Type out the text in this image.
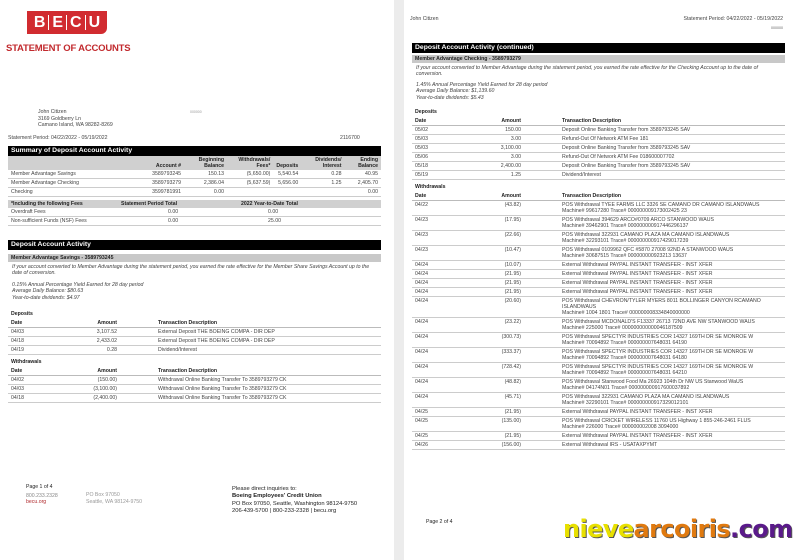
B E C U
STATEMENT OF ACCOUNTS
John Citizen
3169 Goldberry Ln
Camano Island, WA 98282-8269
000000
Statement Period: 04/22/2022 - 05/19/2022	2116700
Summary of Deposit Account Activity
	Account #	Beginning Balance	Withdrawals/ Fees*	Deposits	Dividends/ Interest	Ending Balance
Member Advantage Savings	3589793245	150.13	(5,650.00)	5,540.54	0.28	40.95
Member Advantage Checking	3589793279	2,386.04	(5,637.59)	5,656.00	1.25	2,405.70
Checking	3599781991	0.00				0.00
*Including the following Fees	Statement Period Total	2022 Year-to-Date Total
Overdraft Fees	0.00	0.00
Non-sufficient Funds (NSF) Fees	0.00	25.00
Deposit Account Activity
Member Advantage Savings - 3589793245
If your account converted to Member Advantage during the statement period, you earned the rate effective for the Member Share Savings Account up to the date of conversion.
0.15% Annual Percentage Yield Earned for 28 day period
Average Daily Balance: $80.63
Year-to-date dividends: $4.97
Deposits
Date	Amount	Transaction Description
04/03	3,107.52	External Deposit THE BOEING COMPA - DIR DEP
04/18	2,433.02	External Deposit THE BOEING COMPA - DIR DEP
04/19	0.28	Dividend/Interest
Withdrawals
Date	Amount	Transaction Description
04/02	(150.00)	Withdrawal Online Banking Transfer To 3589793279 CK
04/03	(3,100.00)	Withdrawal Online Banking Transfer To 3589793279 CK
04/18	(2,400.00)	Withdrawal Online Banking Transfer To 3589793279 CK
Page 1 of 4
800.233.2328
becu.org
PO Box 97050
Seattle, WA 98124-9750
Please direct inquiries to:
Boeing Employees' Credit Union
PO Box 97050, Seattle, Washington 98124-9750
206-439-5700 | 800-233-2328 | becu.org
John Citizen	Statement Period: 04/22/2022 - 05/19/2022
000000
Deposit Account Activity (continued)
Member Advantage Checking - 3589793279
If your account converted to Member Advantage during the statement period, you earned the rate effective for the Checking Account up to the date of conversion.
1.45% Annual Percentage Yield Earned for 28 day period
Average Daily Balance: $1,139.60
Year-to-date dividends: $5.43
Deposits
Date	Amount	Transaction Description
05/02	150.00	Deposit Online Banking Transfer from 3589793245 SAV
05/03	3.00	Refund-Out Of Network ATM Fee 181
05/03	3,100.00	Deposit Online Banking Transfer from 3589793245 SAV
05/06	3.00	Refund-Out Of Network ATM Fee 018600007702
05/18	2,400.00	Deposit Online Banking Transfer from 3589793245 SAV
05/19	1.25	Dividend/Interest
Withdrawals
Date	Amount	Transaction Description
04/22	(43.82)	POS Withdrawal TYEE FARMS LLC 3326 SE CAMANO DR CAMANO ISLANDWAUS
Machine# 99617280 Trace# 000000009173002425 23

04/23	(17.95)	POS Withdrawal 394629 ARCO#0709 ARCO STANWOOD WAUS
Machine# 39462901 Trace# 000000000917446296137

04/23	(22.66)	POS Withdrawal 322931 CAMANO PLAZA MA CAMANO ISLANDWAUS
Machine# 32293101 Trace# 000000000917429017239

04/23	(10.47)	POS Withdrawal 0109962 QFC #5870 27008 92ND A STANWOOD WAUS
Machine# 30687515 Trace# 000000000923213 13637

04/24	(10.07)	External Withdrawal PAYPAL INSTANT TRANSFER - INST XFER

04/24	(21.95)	External Withdrawal PAYPAL INSTANT TRANSFER - INST XFER

04/24	(21.95)	External Withdrawal PAYPAL INSTANT TRANSFER - INST XFER

04/24	(21.95)	External Withdrawal PAYPAL INSTANT TRANSFER - INST XFER

04/24	(20.60)	POS Withdrawal CHEVRON/TYLER MYERS 8011 BOLLINGER CANYON RCAMANO ISLANDWAUS
Machine# 1004 1801 Trace# 000000008334840000000

04/24	(23.22)	POS Withdrawal MCDONALD'S F13337 26713 72ND AVE NW STANWOOD WAUS
Machine# 225000 Trace# 000000000000046187509

04/24	(300.73)	POS Withdrawal SPECTYR INDUSTRIES COR 14327 169TH DR SE MONROE W
Machine# 70094892 Trace# 000000007648031 64190

04/24	(333.37)	POS Withdrawal SPECTYR INDUSTRIES COR 14327 169TH DR SE MONROE W
Machine# 70094892 Trace# 000000007648031 64180

04/24	(728.42)	POS Withdrawal SPECTYR INDUSTRIES COR 14327 169TH DR SE MONROE W
Machine# 70094892 Trace# 000000007648031 64210

04/24	(48.82)	POS Withdrawal Stanwood Food Ma 26923 104th Dr NW US Stanwood WaUS
Machine# 04174N01 Trace# 000000000917600037892

04/24	(45.71)	POS Withdrawal 322931 CAMANO PLAZA MA CAMANO ISLANDWAUS
Machine# 32290101 Trace# 000000000917329012101

04/25	(21.95)	External Withdrawal PAYPAL INSTANT TRANSFER - INST XFER

04/25	(135.00)	POS Withdrawal CRICKET WIRELESS 11760 US Highway 1 855-246-2461 FLUS
Machine# 226000 Trace# 000000002008 3094000

04/25	(21.95)	External Withdrawal PAYPAL INSTANT TRANSFER - INST XFER

04/26	(156.00)	External Withdrawal IRS - USATAXPYMT
Page 2 of 4	nievearcoiris.com
